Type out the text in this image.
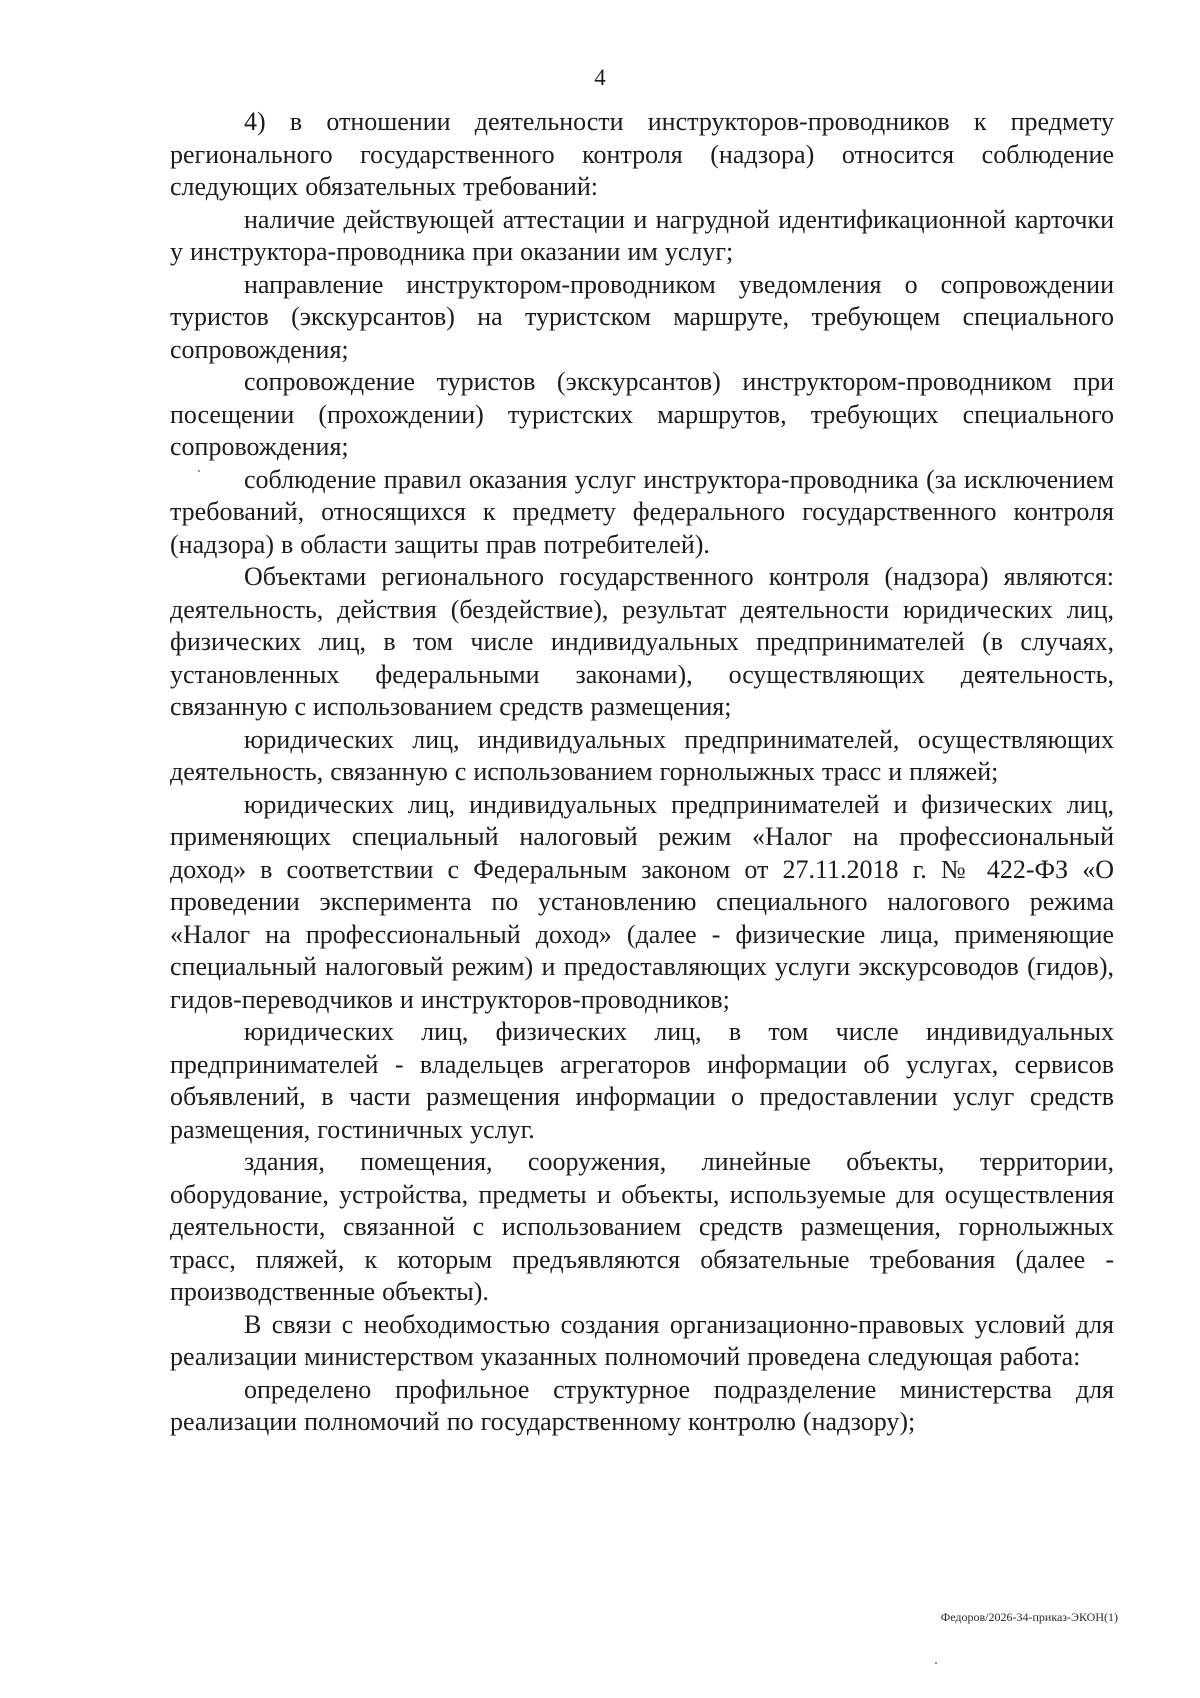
4

4) в отношении деятельности инструкторов-проводников к предмету регионального государственного контроля (надзора) относится соблюдение следующих обязательных требований:

наличие действующей аттестации и нагрудной идентификационной карточки у инструктора-проводника при оказании им услуг;

направление инструктором-проводником уведомления о сопровождении туристов (экскурсантов) на туристском маршруте, требующем специального сопровождения;

сопровождение туристов (экскурсантов) инструктором-проводником при посещении (прохождении) туристских маршрутов, требующих специального сопровождения;

соблюдение правил оказания услуг инструктора-проводника (за исключением требований, относящихся к предмету федерального государственного контроля (надзора) в области защиты прав потребителей).

Объектами регионального государственного контроля (надзора) являются: деятельность, действия (бездействие), результат деятельности юридических лиц, физических лиц, в том числе индивидуальных предпринимателей (в случаях, установленных федеральными законами), осуществляющих деятельность, связанную с использованием средств размещения;

юридических лиц, индивидуальных предпринимателей, осуществляющих деятельность, связанную с использованием горнолыжных трасс и пляжей;

юридических лиц, индивидуальных предпринимателей и физических лиц, применяющих специальный налоговый режим «Налог на профессиональный доход» в соответствии с Федеральным законом от 27.11.2018 г. № 422-ФЗ «О проведении эксперимента по установлению специального налогового режима «Налог на профессиональный доход» (далее - физические лица, применяющие специальный налоговый режим) и предоставляющих услуги экскурсоводов (гидов), гидов-переводчиков и инструкторов-проводников;

юридических лиц, физических лиц, в том числе индивидуальных предпринимателей - владельцев агрегаторов информации об услугах, сервисов объявлений, в части размещения информации о предоставлении услуг средств размещения, гостиничных услуг.

здания, помещения, сооружения, линейные объекты, территории, оборудование, устройства, предметы и объекты, используемые для осуществления деятельности, связанной с использованием средств размещения, горнолыжных трасс, пляжей, к которым предъявляются обязательные требования (далее - производственные объекты).

В связи с необходимостью создания организационно-правовых условий для реализации министерством указанных полномочий проведена следующая работа:

определено профильное структурное подразделение министерства для реализации полномочий по государственному контролю (надзору);

Федоров/2026-34-приказ-ЭКОН(1)
